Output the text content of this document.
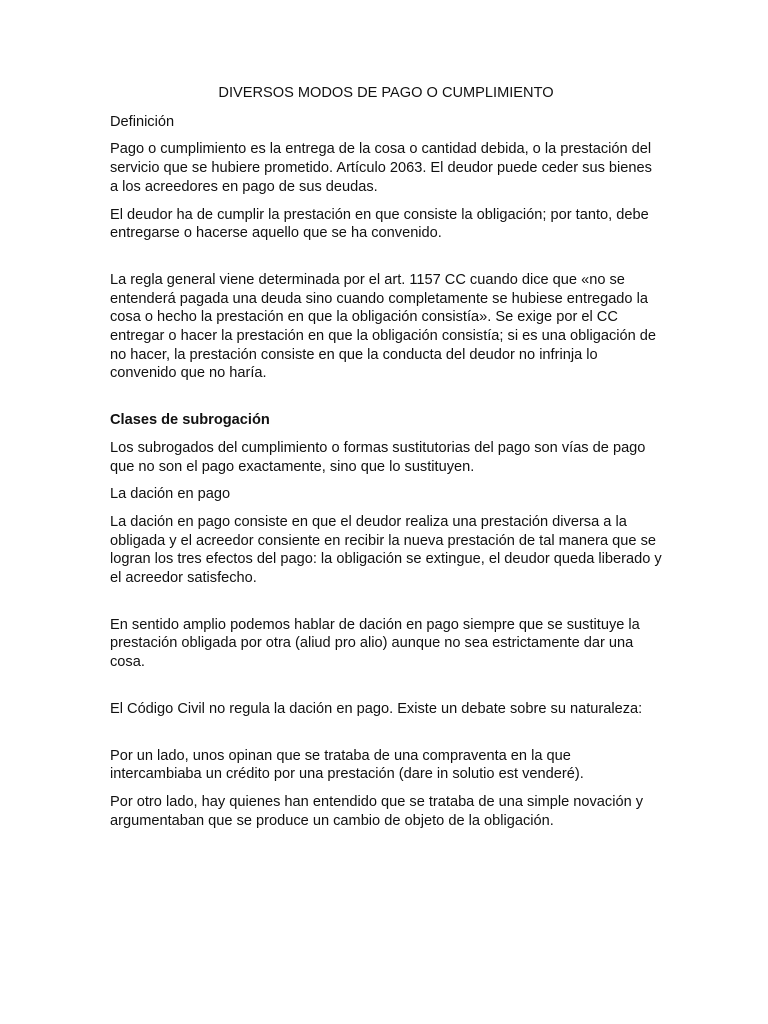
DIVERSOS MODOS DE PAGO O CUMPLIMIENTO

Definición

Pago o cumplimiento es la entrega de la cosa o cantidad debida, o la prestación del servicio que se hubiere prometido. Artículo 2063. El deudor puede ceder sus bienes a los acreedores en pago de sus deudas.

El deudor ha de cumplir la prestación en que consiste la obligación; por tanto, debe entregarse o hacerse aquello que se ha convenido.

La regla general viene determinada por el art. 1157 CC cuando dice que «no se entenderá pagada una deuda sino cuando completamente se hubiese entregado la cosa o hecho la prestación en que la obligación consistía». Se exige por el CC entregar o hacer la prestación en que la obligación consistía; si es una obligación de no hacer, la prestación consiste en que la conducta del deudor no infrinja lo convenido que no haría.

Clases de subrogación

Los subrogados del cumplimiento o formas sustitutorias del pago son vías de pago que no son el pago exactamente, sino que lo sustituyen.

La dación en pago

La dación en pago consiste en que el deudor realiza una prestación diversa a la obligada y el acreedor consiente en recibir la nueva prestación de tal manera que se logran los tres efectos del pago: la obligación se extingue, el deudor queda liberado y el acreedor satisfecho.

En sentido amplio podemos hablar de dación en pago siempre que se sustituye la prestación obligada por otra (aliud pro alio) aunque no sea estrictamente dar una cosa.

El Código Civil no regula la dación en pago. Existe un debate sobre su naturaleza:

Por un lado, unos opinan que se trataba de una compraventa en la que intercambiaba un crédito por una prestación (dare in solutio est venderé).

Por otro lado, hay quienes han entendido que se trataba de una simple novación y argumentaban que se produce un cambio de objeto de la obligación.
